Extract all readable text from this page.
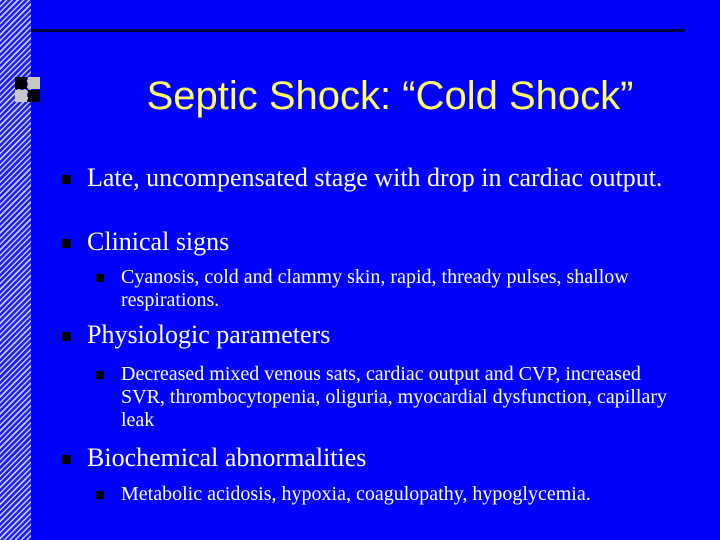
Septic Shock: “Cold Shock”
Late, uncompensated stage with drop in cardiac output.
Clinical signs
Cyanosis, cold and clammy skin, rapid, thready pulses, shallow respirations.
Physiologic parameters
Decreased mixed venous sats, cardiac output and CVP, increased SVR, thrombocytopenia, oliguria, myocardial dysfunction, capillary leak
Biochemical abnormalities
Metabolic acidosis, hypoxia, coagulopathy, hypoglycemia.
